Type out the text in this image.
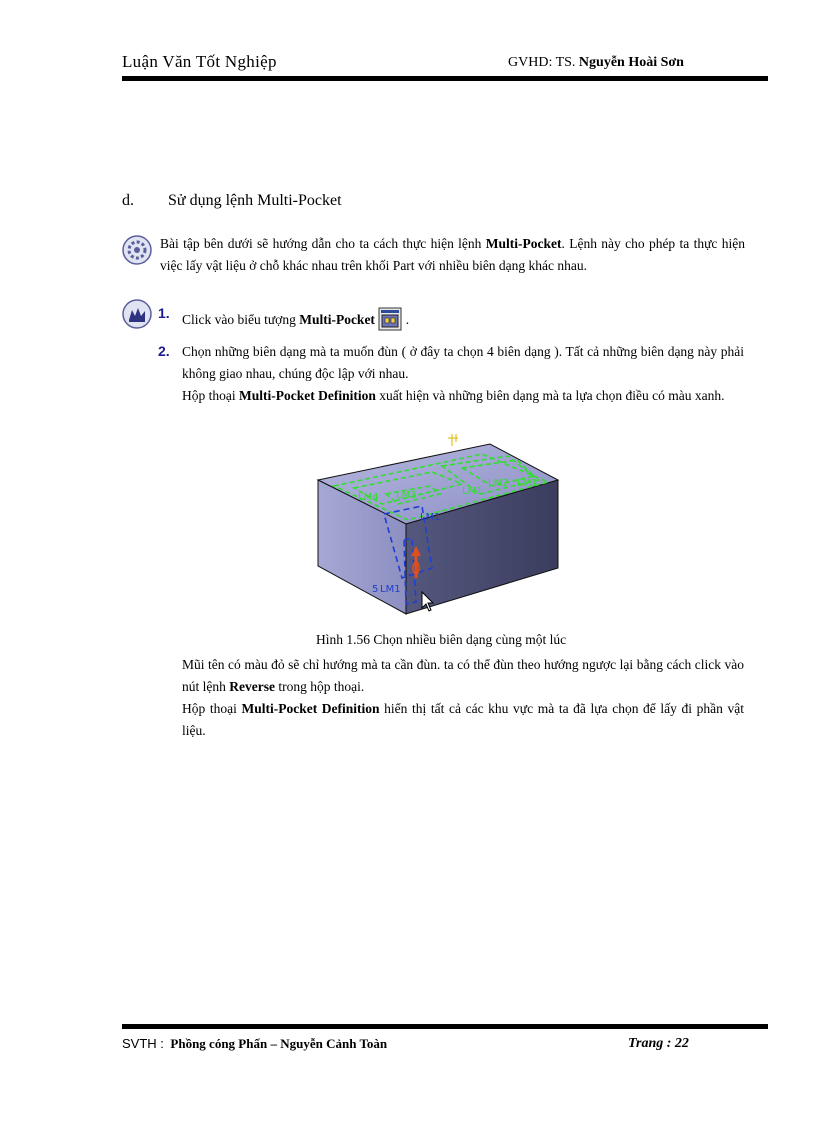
Luận Văn Tốt Nghiệp	GVHD: TS. Nguyễn Hoài Sơn
d. Sử dụng lệnh Multi-Pocket
Bài tập bên dưới sẽ hướng dẫn cho ta cách thực hiện lệnh Multi-Pocket. Lệnh này cho phép ta thực hiện việc lấy vật liệu ở chỗ khác nhau trên khối Part với nhiều biên dạng khác nhau.
1. Click vào biểu tượng Multi-Pocket .
2. Chọn những biên dạng mà ta muốn đùn ( ở đây ta chọn 4 biên dạng ). Tất cả những biên dạng này phải không giao nhau, chúng độc lập với nhau.
Hộp thoại Multi-Pocket Definition xuất hiện và những biên dạng mà ta lựa chọn điều có màu xanh.
LM2 LM1
LM4 LM3	LM1
LM1
5 LM1
Hình 1.56 Chọn nhiều biên dạng cùng một lúc
Mũi tên có màu đỏ sẽ chỉ hướng mà ta cần đùn. ta có thể đùn theo hướng ngược lại bằng cách click vào nút lệnh Reverse trong hộp thoại.
Hộp thoại Multi-Pocket Definition hiển thị tất cả các khu vực mà ta đã lựa chọn để lấy đi phần vật liệu.
SVTH : Phồng cóng Phấn – Nguyễn Cảnh Toàn	Trang : 22
